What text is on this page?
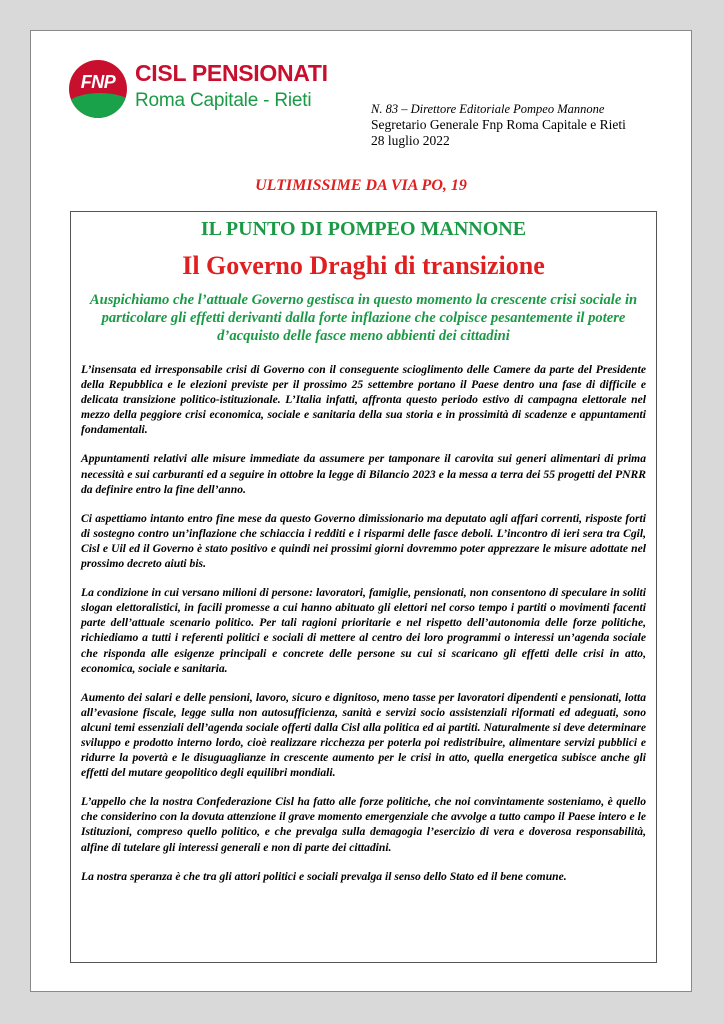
FNP CISL PENSIONATI
Roma Capitale - Rieti	N. 83 – Direttore Editoriale Pompeo Mannone
Segretario Generale Fnp Roma Capitale e Rieti
28 luglio 2022
ULTIMISSIME DA VIA PO, 19
IL PUNTO DI POMPEO MANNONE
Il Governo Draghi di transizione

Auspichiamo che l’attuale Governo gestisca in questo momento la crescente crisi sociale in particolare gli effetti derivanti dalla forte inflazione che colpisce pesantemente il potere d’acquisto delle fasce meno abbienti dei cittadini

L’insensata ed irresponsabile crisi di Governo con il conseguente scioglimento delle Camere da parte del Presidente della Repubblica e le elezioni previste per il prossimo 25 settembre portano il Paese dentro una fase di difficile e delicata transizione politico-istituzionale. L’Italia infatti, affronta questo periodo estivo di campagna elettorale nel mezzo della peggiore crisi economica, sociale e sanitaria della sua storia e in prossimità di scadenze e appuntamenti fondamentali.

Appuntamenti relativi alle misure immediate da assumere per tamponare il carovita sui generi alimentari di prima necessità e sui carburanti ed a seguire in ottobre la legge di Bilancio 2023 e la messa a terra dei 55 progetti del PNRR da definire entro la fine dell’anno.

Ci aspettiamo intanto entro fine mese da questo Governo dimissionario ma deputato agli affari correnti, risposte forti di sostegno contro un’inflazione che schiaccia i redditi e i risparmi delle fasce deboli. L’incontro di ieri sera tra Cgil, Cisl e Uil ed il Governo è stato positivo e quindi nei prossimi giorni dovremmo poter apprezzare le misure adottate nel prossimo decreto aiuti bis.

La condizione in cui versano milioni di persone: lavoratori, famiglie, pensionati, non consentono di speculare in soliti slogan elettoralistici, in facili promesse a cui hanno abituato gli elettori nel corso tempo i partiti o movimenti facenti parte dell’attuale scenario politico. Per tali ragioni prioritarie e nel rispetto dell’autonomia delle forze politiche, richiediamo a tutti i referenti politici e sociali di mettere al centro dei loro programmi o interessi un’agenda sociale che risponda alle esigenze principali e concrete delle persone su cui si scaricano gli effetti delle crisi in atto, economica, sociale e sanitaria.

Aumento dei salari e delle pensioni, lavoro, sicuro e dignitoso, meno tasse per lavoratori dipendenti e pensionati, lotta all’evasione fiscale, legge sulla non autosufficienza, sanità e servizi socio assistenziali riformati ed adeguati, sono alcuni temi essenziali dell’agenda sociale offerti dalla Cisl alla politica ed ai partiti. Naturalmente si deve determinare sviluppo e prodotto interno lordo, cioè realizzare ricchezza per poterla poi redistribuire, alimentare servizi pubblici e ridurre la povertà e le disuguaglianze in crescente aumento per le crisi in atto, quella energetica subisce anche gli effetti del mutare geopolitico degli equilibri mondiali.

L’appello che la nostra Confederazione Cisl ha fatto alle forze politiche, che noi convintamente sosteniamo, è quello che considerino con la dovuta attenzione il grave momento emergenziale che avvolge a tutto campo il Paese intero e le Istituzioni, compreso quello politico, e che prevalga sulla demagogia l’esercizio di vera e doverosa responsabilità, alfine di tutelare gli interessi generali e non di parte dei cittadini.

La nostra speranza è che tra gli attori politici e sociali prevalga il senso dello Stato ed il bene comune.
